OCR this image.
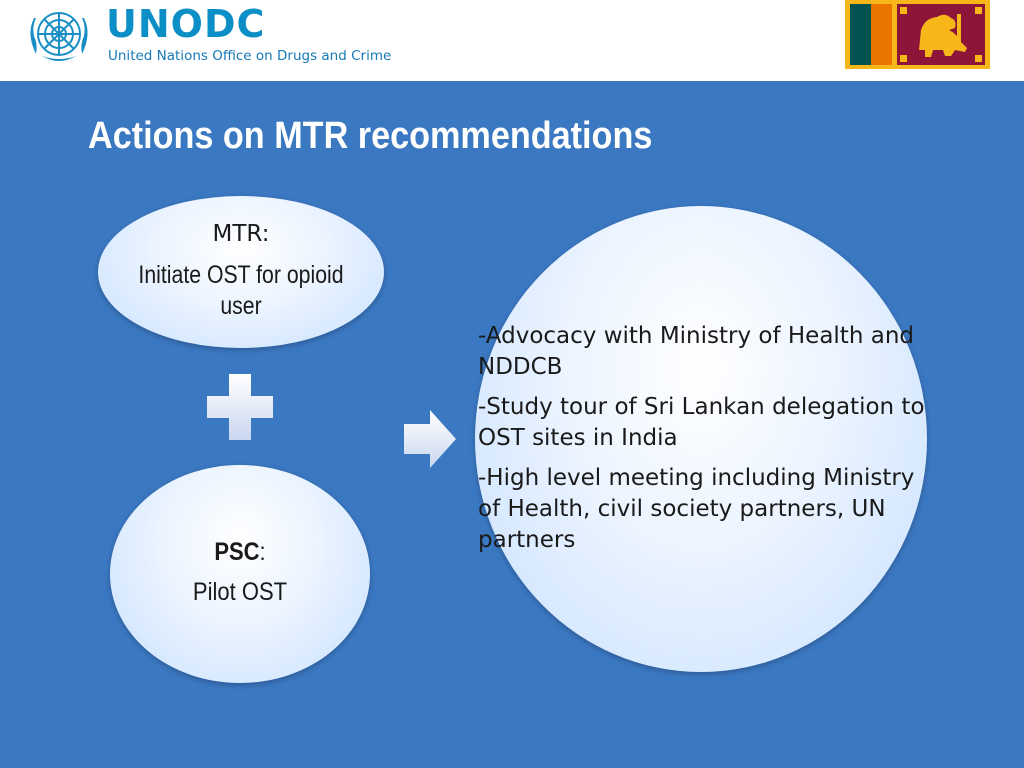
UNODC
United Nations Office on Drugs and Crime
Actions on MTR recommendations
MTR:
Initiate OST for opioid user
PSC:
Pilot OST

-Advocacy with Ministry of Health and NDDCB

-Study tour of Sri Lankan delegation to OST sites in India

-High level meeting including Ministry of Health, civil society partners, UN partners
